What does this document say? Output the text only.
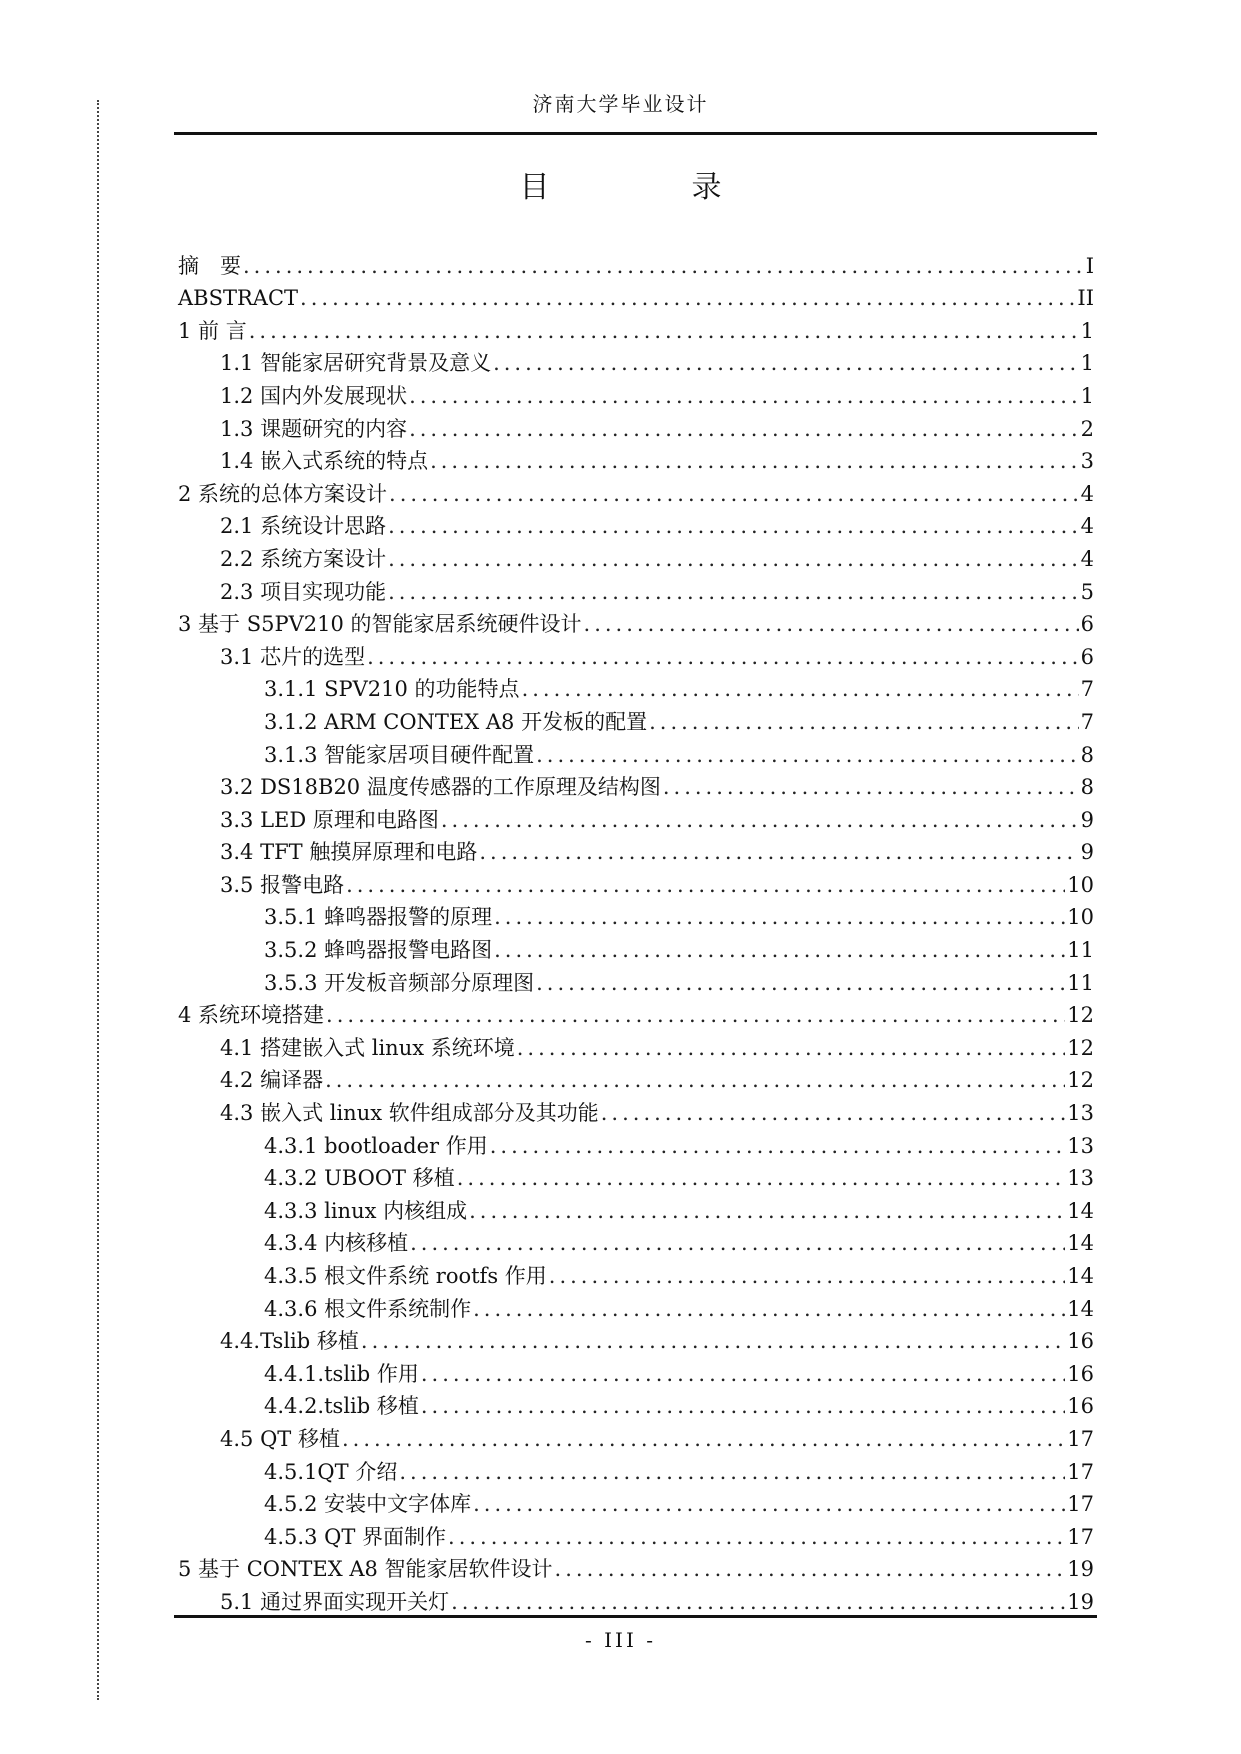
济南大学毕业设计
目　录
摘　要 .....	I
ABSTRACT .....	II
1 前 言 .....	1
1.1 智能家居研究背景及意义 .....	1
1.2 国内外发展现状 .....	1
1.3 课题研究的内容 .....	2
1.4 嵌入式系统的特点 .....	3
2 系统的总体方案设计 .....	4
2.1 系统设计思路 .....	4
2.2 系统方案设计 .....	4
2.3 项目实现功能 .....	5
3 基于 S5PV210 的智能家居系统硬件设计 .....	6
3.1 芯片的选型 .....	6
3.1.1 SPV210 的功能特点 .....	7
3.1.2 ARM CONTEX A8 开发板的配置 .....	7
3.1.3 智能家居项目硬件配置 .....	8
3.2 DS18B20 温度传感器的工作原理及结构图 .....	8
3.3 LED 原理和电路图 .....	9
3.4 TFT 触摸屏原理和电路 .....	9
3.5 报警电路 .....	10
3.5.1 蜂鸣器报警的原理 .....	10
3.5.2 蜂鸣器报警电路图 .....	11
3.5.3 开发板音频部分原理图 .....	11
4 系统环境搭建 .....	12
4.1 搭建嵌入式 linux 系统环境 .....	12
4.2 编译器 .....	12
4.3 嵌入式 linux 软件组成部分及其功能 .....	13
4.3.1 bootloader 作用 .....	13
4.3.2 UBOOT 移植 .....	13
4.3.3 linux 内核组成 .....	14
4.3.4 内核移植 .....	14
4.3.5 根文件系统 rootfs 作用 .....	14
4.3.6 根文件系统制作 .....	14
4.4.Tslib 移植 .....	16
4.4.1.tslib 作用 .....	16
4.4.2.tslib 移植 .....	16
4.5 QT 移植 .....	17
4.5.1QT 介绍 .....	17
4.5.2 安装中文字体库 .....	17
4.5.3 QT 界面制作 .....	17
5 基于 CONTEX A8 智能家居软件设计 .....	19
5.1 通过界面实现开关灯 .....	19
- III -
